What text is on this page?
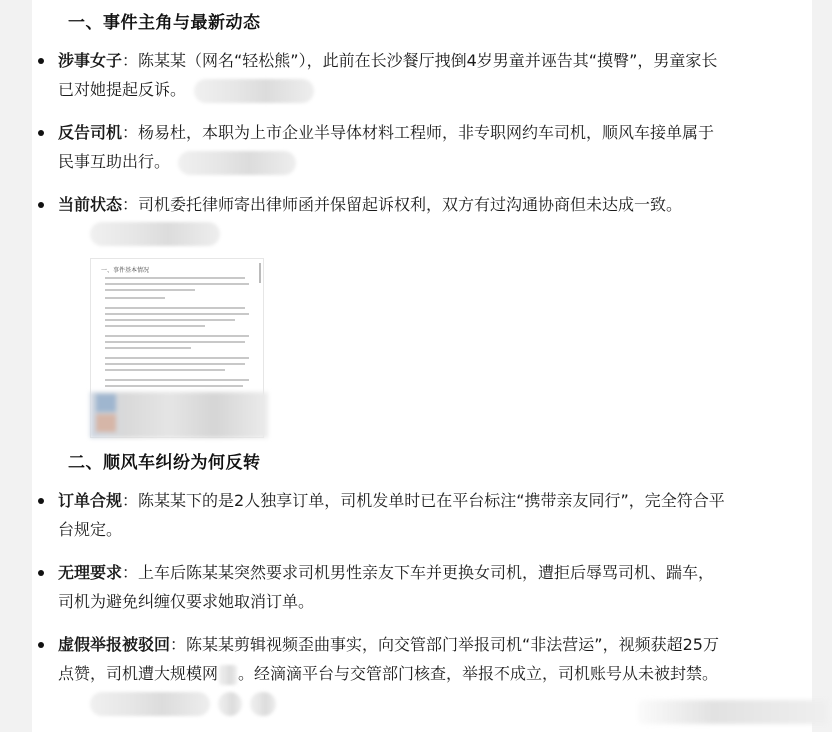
一、事件主角与最新动态
涉事女子：陈某某（网名“轻松熊”），此前在长沙餐厅拽倒4岁男童并诬告其“摸臀”，男童家长
已对她提起反诉。
反告司机：杨易杜，本职为上市企业半导体材料工程师，非专职网约车司机，顺风车接单属于
民事互助出行。
当前状态：司机委托律师寄出律师函并保留起诉权利，双方有过沟通协商但未达成一致。
一、事件基本情况
二、顺风车纠纷为何反转
订单合规：陈某某下的是2人独享订单，司机发单时已在平台标注“携带亲友同行”，完全符合平
台规定。
无理要求：上车后陈某某突然要求司机男性亲友下车并更换女司机，遭拒后辱骂司机、踹车，
司机为避免纠缠仅要求她取消订单。
虚假举报被驳回：陈某某剪辑视频歪曲事实，向交管部门举报司机“非法营运”，视频获超25万
点赞，司机遭大规模网 。经滴滴平台与交管部门核查，举报不成立，司机账号从未被封禁。
